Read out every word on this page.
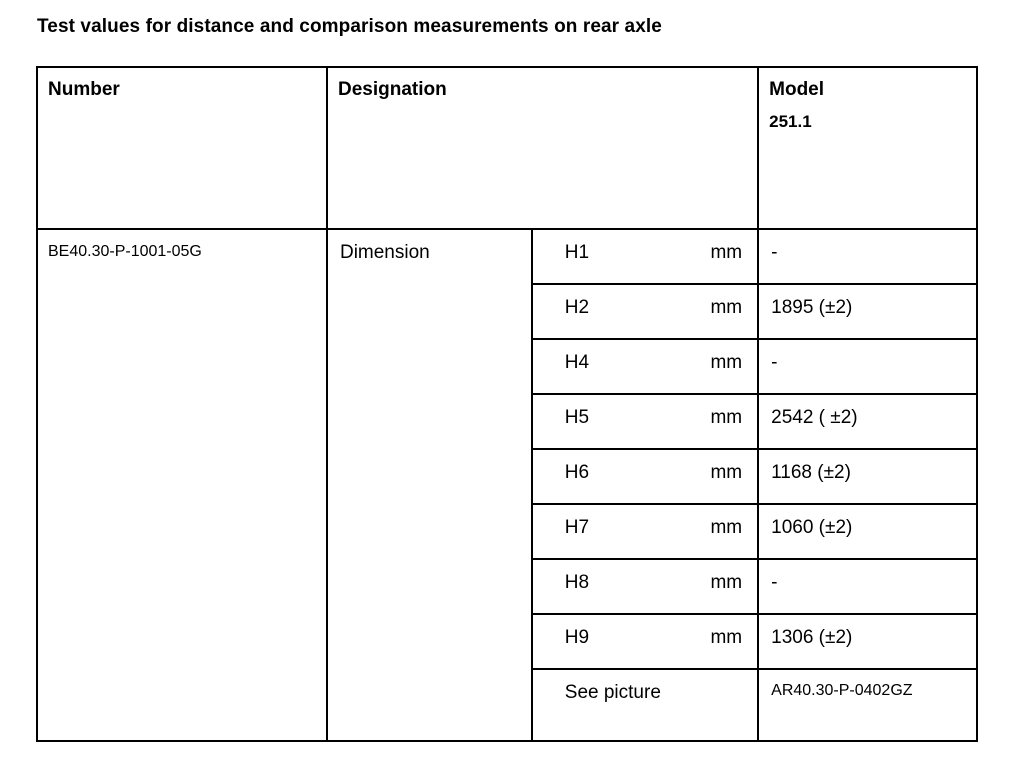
Test values for distance and comparison measurements on rear axle
Number	Designation			Model
251.1

BE40.30-P-1001-05G	Dimension	H1	mm	-

		H2	mm	1895 (±2)

		H4	mm	-

		H5	mm	2542 ( ±2)

		H6	mm	1168 (±2)

		H7	mm	1060 (±2)

		H8	mm	-

		H9	mm	1306 (±2)

		See picture		AR40.30-P-0402GZ
